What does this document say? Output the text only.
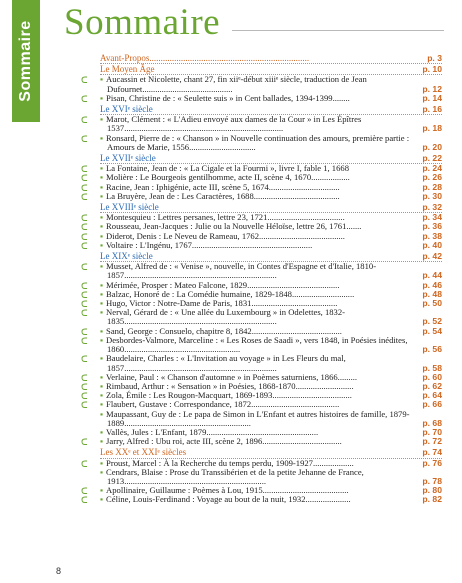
Sommaire Sommaire
Avant-Propos.......................................................................	p. 3
Le Moyen Âge	p. 10
ᑕ	▪ Aucassin et Nicolette, chant 27, fin xiiᵉ-début xiiiᵉ siècle, traduction de Jean Dufournet..........................................	p. 12
ᑕ	▪ Pisan, Christine de : « Seulette suis » in Cent ballades, 1394-1399........	p. 14
Le XVIᵉ siècle	p. 16
ᑕ	▪ Marot, Clément : « L'Adieu envoyé aux dames de la Cour » in Les Épîtres 1537..........................................................................	p. 18
ᑕ	▪ Ronsard, Pierre de : « Chanson » in Nouvelle continuation des amours, première partie : Amours de Marie, 1556...............................	p. 20
Le XVIIᵉ siècle	p. 22
ᑕ	▪ La Fontaine, Jean de : « La Cigale et la Fourmi », livre I, fable 1, 1668	p. 24
ᑕ	▪ Molière : Le Bourgeois gentilhomme, acte II, scène 4, 1670..................	p. 26
ᑕ	▪ Racine, Jean : Iphigénie, acte III, scène 5, 1674.................................	p. 28
ᑕ	▪ La Bruyère, Jean de : Les Caractères, 1688........................................	p. 30
Le XVIIIᵉ siècle	p. 32
ᑕ	▪ Montesquieu : Lettres persanes, lettre 23, 1721....................................	p. 34
ᑕ	▪ Rousseau, Jean-Jacques : Julie ou la Nouvelle Héloïse, lettre 26, 1761.......	p. 36
ᑕ	▪ Diderot, Denis : Le Neveu de Rameau, 1762........................................	p. 38
ᑕ	▪ Voltaire : L'Ingénu, 1767........................................................	p. 40
Le XIXᵉ siècle	p. 42
ᑕ	▪ Musset, Alfred de : « Venise », nouvelle, in Contes d'Espagne et d'Italie, 1810-1857.......................................................................	p. 44
ᑕ	▪ Mérimée, Prosper : Mateo Falcone, 1829...........................................	p. 46
ᑕ	▪ Balzac, Honoré de : La Comédie humaine, 1829-1848.............................	p. 48
ᑕ	▪ Hugo, Victor : Notre-Dame de Paris, 1831........................................	p. 50
ᑕ	▪ Nerval, Gérard de : « Une allée du Luxembourg » in Odelettes, 1832-1835.......................................................................	p. 52
ᑕ	▪ Sand, George : Consuelo, chapitre 8, 1842..........................................	p. 54
ᑕ	▪ Desbordes-Valmore, Marceline : « Les Roses de Saadi », vers 1848, in Poésies inédites, 1860......................................................	p. 56
ᑕ	▪ Baudelaire, Charles : « L'Invitation au voyage » in Les Fleurs du mal, 1857.......................................................................	p. 58
ᑕ	▪ Verlaine, Paul : « Chanson d'automne » in Poèmes saturniens, 1866.........	p. 60
ᑕ	▪ Rimbaud, Arthur : « Sensation » in Poésies, 1868-1870...........................	p. 62
ᑕ	▪ Zola, Émile : Les Rougon-Macquart, 1869-1893.....................................	p. 64
ᑕ	▪ Flaubert, Gustave : Correspondance, 1872.........................................	p. 66
▪ Maupassant, Guy de : Le papa de Simon in L'Enfant et autres histoires de famille, 1879-1889...........................................................	p. 68
▪ Vallès, Jules : L'Enfant, 1879....................................................	p. 70
ᑕ	▪ Jarry, Alfred : Ubu roi, acte III, scène 2, 1896.....................................	p. 72
Les XXᵉ et XXIᵉ siècles	p. 74
ᑕ	▪ Proust, Marcel : À la Recherche du temps perdu, 1909-1927...................	p. 76
▪ Cendrars, Blaise : Prose du Transsibérien et de la petite Jehanne de France, 1913..................................................................	p. 78
ᑕ	▪ Apollinaire, Guillaume : Poèmes à Lou, 1915........................................	p. 80
ᑕ	▪ Céline, Louis-Ferdinand : Voyage au bout de la nuit, 1932.....................	p. 82
8
